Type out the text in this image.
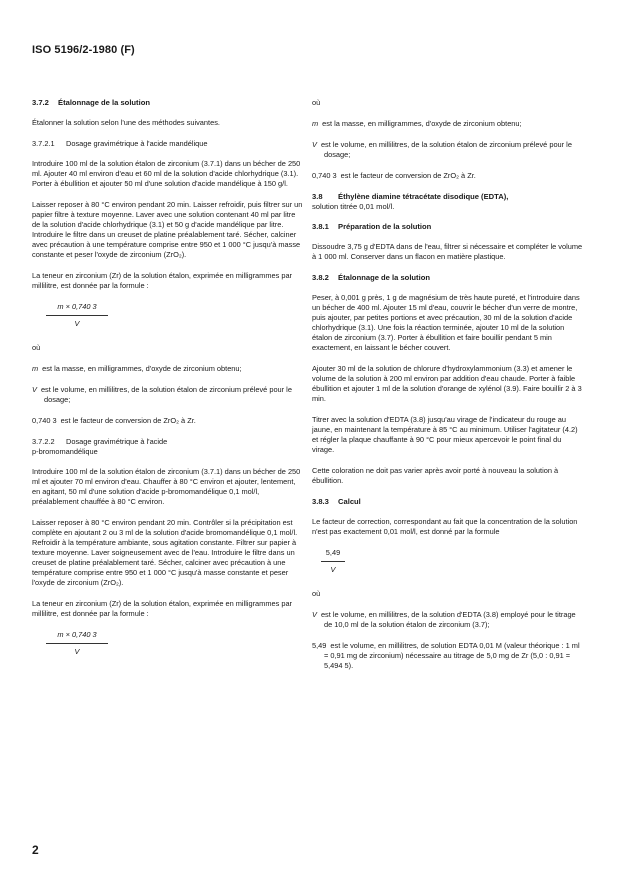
ISO 5196/2-1980 (F)
3.7.2 Étalonnage de la solution

Étalonner la solution selon l'une des méthodes suivantes.

3.7.2.1 Dosage gravimétrique à l'acide mandélique

Introduire 100 ml de la solution étalon de zirconium (3.7.1) dans un bécher de 250 ml. Ajouter 40 ml environ d'eau et 60 ml de la solution d'acide chlorhydrique (3.1). Porter à ébullition et ajouter 50 ml d'une solution d'acide mandélique à 150 g/l.

Laisser reposer à 80 °C environ pendant 20 min. Laisser refroidir, puis filtrer sur un papier filtre à texture moyenne. Laver avec une solution contenant 40 ml par litre de la solution d'acide chlorhydrique (3.1) et 50 g d'acide mandélique par litre. Introduire le filtre dans un creuset de platine préalablement taré. Sécher, calciner avec précaution à une température comprise entre 950 et 1 000 °C jusqu'à masse constante et peser l'oxyde de zirconium (ZrO₂).

La teneur en zirconium (Zr) de la solution étalon, exprimée en milligrammes par millilitre, est donnée par la formule :

m × 0,740 3
V

où

m est la masse, en milligrammes, d'oxyde de zirconium obtenu;

V est le volume, en millilitres, de la solution étalon de zirconium prélevé pour le dosage;

0,740 3 est le facteur de conversion de ZrO₂ à Zr.

3.7.2.2 Dosage gravimétrique à l'acide
p-bromomandélique

Introduire 100 ml de la solution étalon de zirconium (3.7.1) dans un bécher de 250 ml et ajouter 70 ml environ d'eau. Chauffer à 80 °C environ et ajouter, lentement, en agitant, 50 ml d'une solution d'acide p-bromomandélique 0,1 mol/l, préalablement chauffée à 80 °C environ.

Laisser reposer à 80 °C environ pendant 20 min. Contrôler si la précipitation est complète en ajoutant 2 ou 3 ml de la solution d'acide bromomandélique 0,1 mol/l. Refroidir à la température ambiante, sous agitation constante. Filtrer sur papier à texture moyenne. Laver soigneusement avec de l'eau. Introduire le filtre dans un creuset de platine préalablement taré. Sécher, calciner avec précaution à une température comprise entre 950 et 1 000 °C jusqu'à masse constante et peser l'oxyde de zirconium (ZrO₂).

La teneur en zirconium (Zr) de la solution étalon, exprimée en milligrammes par millilitre, est donnée par la formule :

m × 0,740 3
V

où

m est la masse, en milligrammes, d'oxyde de zirconium obtenu;

V est le volume, en millilitres, de la solution étalon de zirconium prélevé pour le dosage;

0,740 3 est le facteur de conversion de ZrO₂ à Zr.

3.8 Éthylène diamine tétracétate disodique (EDTA),
solution titrée 0,01 mol/l.
3.8.1 Préparation de la solution

Dissoudre 3,75 g d'EDTA dans de l'eau, filtrer si nécessaire et compléter le volume à 1 000 ml. Conserver dans un flacon en matière plastique.

3.8.2 Étalonnage de la solution

Peser, à 0,001 g près, 1 g de magnésium de très haute pureté, et l'introduire dans un bécher de 400 ml. Ajouter 15 ml d'eau, couvrir le bécher d'un verre de montre, puis ajouter, par petites portions et avec précaution, 30 ml de la solution d'acide chlorhydrique (3.1). Une fois la réaction terminée, ajouter 10 ml de la solution étalon de zirconium (3.7). Porter à ébullition et faire bouillir pendant 5 min exactement, en laissant le bécher couvert.

Ajouter 30 ml de la solution de chlorure d'hydroxylammonium (3.3) et amener le volume de la solution à 200 ml environ par addition d'eau chaude. Porter à faible ébullition et ajouter 1 ml de la solution d'orange de xylénol (3.9). Faire bouillir 2 à 3 min.

Titrer avec la solution d'EDTA (3.8) jusqu'au virage de l'indicateur du rouge au jaune, en maintenant la température à 85 °C au minimum. Utiliser l'agitateur (4.2) et régler la plaque chauffante à 90 °C pour mieux apercevoir le point final du virage.

Cette coloration ne doit pas varier après avoir porté à nouveau la solution à ébullition.

3.8.3 Calcul

Le facteur de correction, correspondant au fait que la concentration de la solution n'est pas exactement 0,01 mol/l, est donné par la formule

5,49
V

où

V est le volume, en millilitres, de la solution d'EDTA (3.8) employé pour le titrage de 10,0 ml de la solution étalon de zirconium (3.7);

5,49 est le volume, en millilitres, de solution EDTA 0,01 M (valeur théorique : 1 ml = 0,91 mg de zirconium) nécessaire au titrage de 5,0 mg de Zr (5,0 : 0,91 = 5,494 5).

2
